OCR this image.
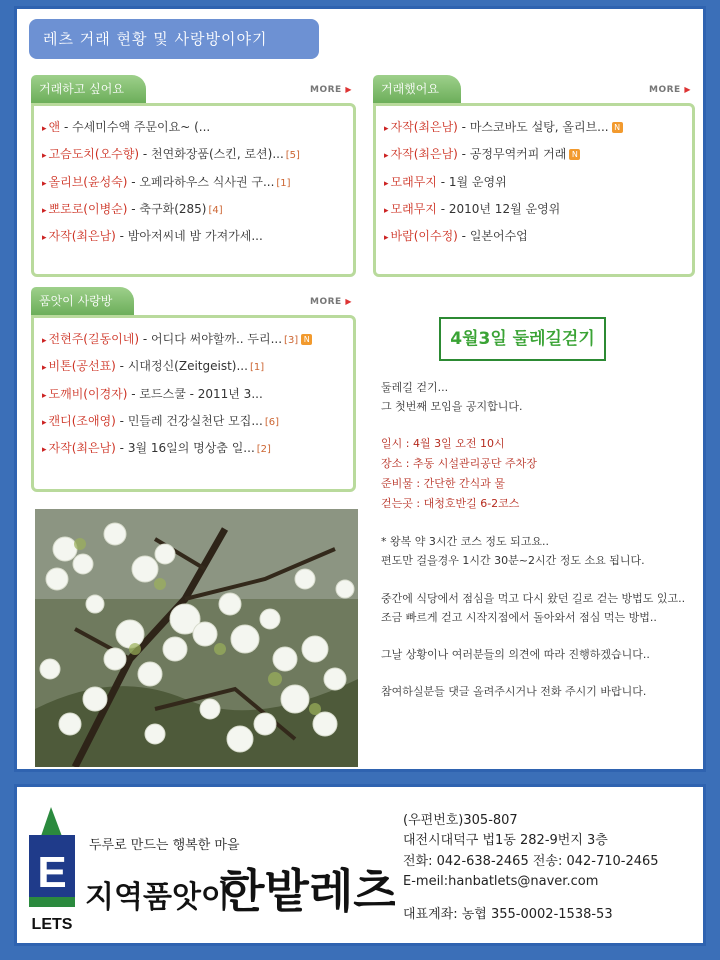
레츠 거래 현황 및 사랑방이야기
거래하고 싶어요	MORE ▶
▸ 앤 - 수세미수액 주문이요~ (...
▸ 고슴도치(오수향) - 천연화장품(스킨, 로션)... [5]
▸ 올리브(윤성숙) - 오페라하우스 식사권 구... [1]
▸ 뽀로로(이병순) - 축구화(285) [4]
▸ 자작(최은남) - 밤아저씨네 밤 가져가세...
거래했어요	MORE ▶
▸ 자작(최은남) - 마스코바도 설탕, 올리브... N
▸ 자작(최은남) - 공정무역커피 거래 N
▸ 모래무지 - 1월 운영위
▸ 모래무지 - 2010년 12월 운영위
▸ 바람(이수정) - 일본어수업
품앗이 사랑방	MORE ▶
▸ 전현주(길동이네) - 어디다 써야할까.. 두리... [3] N
▸ 비톤(공선표) - 시대정신(Zeitgeist)... [1]
▸ 도깨비(이경자) - 로드스쿨 - 2011년 3...
▸ 캔디(조애영) - 민들레 건강실천단 모집... [6]
▸ 자작(최은남) - 3월 16일의 명상춤 일... [2]
4월3일 둘레길걷기
둘레길 걷기...
그 첫번째 모임을 공지합니다.
일시 : 4월 3일 오전 10시
장소 : 추동 시설관리공단 주차장
준비물 : 간단한 간식과 물
걷는곳 : 대청호반길 6-2코스
* 왕복 약 3시간 코스 정도 되고요..
편도만 걸을경우 1시간 30분~2시간 정도 소요 됩니다.
중간에 식당에서 점심을 먹고 다시 왔던 길로 걷는 방법도 있고..
조금 빠르게 걷고 시작지점에서 돌아와서 점심 먹는 방법..
그날 상황이나 여러분들의 의견에 따라 진행하겠습니다..
참여하실분들 댓글 올려주시거나 전화 주시기 바랍니다.
E
LETS
두루로 만드는 행복한 마을
지역품앗이
한밭레츠
(우편번호)305-807
대전시대덕구 법1동 282-9번지 3층
전화: 042-638-2465 전송: 042-710-2465
E-meil:hanbatlets@naver.com
대표계좌: 농협 355-0002-1538-53
